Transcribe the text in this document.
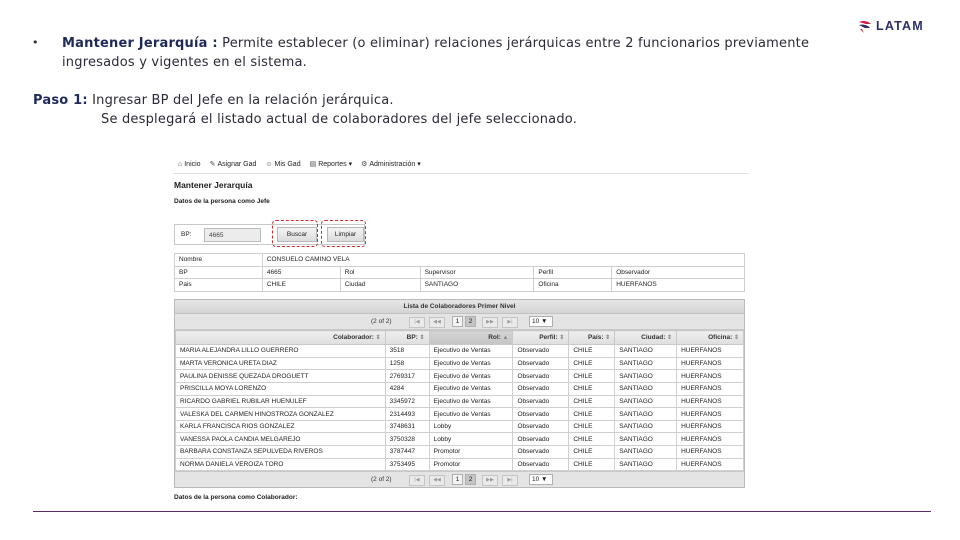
• Mantener Jerarquía : Permite establecer (o eliminar) relaciones jerárquicas entre 2 funcionarios previamente ingresados y vigentes en el sistema.
Paso 1: Ingresar BP del Jefe en la relación jerárquica.
Se desplegará el listado actual de colaboradores del jefe seleccionado.
LATAM
⌂ Inicio ✎ Asignar Gad ☺ Mis Gad ▤ Reportes ▾ ⚙ Administración ▾
Mantener Jerarquía
Datos de la persona como Jefe
BP:
4665	Buscar	Limpiar
Nombre	CONSUELO CAMINO VELA				
BP	4665	Rol	Supervisor	Perfil	Observador
Pais	CHILE	Ciudad	SANTIAGO	Oficina	HUERFANOS
Lista de Colaboradores Primer Nivel
(2 of 2)	|◀	◀◀	1	2	▶▶	▶|	10 ▼
Colaborador: ⇕	BP: ⇕	Rol: ▲	Perfil: ⇕	País: ⇕	Ciudad: ⇕	Oficina: ⇕
MARIA ALEJANDRA LILLO GUERRERO	3518	Ejecutivo de Ventas	Observado	CHILE	SANTIAGO	HUERFANOS
MARTA VERONICA URETA DIAZ	1258	Ejecutivo de Ventas	Observado	CHILE	SANTIAGO	HUERFANOS
PAULINA DENISSE QUEZADA DROGUETT	2769317	Ejecutivo de Ventas	Observado	CHILE	SANTIAGO	HUERFANOS
PRISCILLA MOYA LORENZO	4284	Ejecutivo de Ventas	Observado	CHILE	SANTIAGO	HUERFANOS
RICARDO GABRIEL RUBILAR HUENULEF	3345972	Ejecutivo de Ventas	Observado	CHILE	SANTIAGO	HUERFANOS
VALESKA DEL CARMEN HINOSTROZA GONZALEZ	2314493	Ejecutivo de Ventas	Observado	CHILE	SANTIAGO	HUERFANOS
KARLA FRANCISCA RIOS GONZALEZ	3748631	Lobby	Observado	CHILE	SANTIAGO	HUERFANOS
VANESSA PAOLA CANDIA MELGAREJO	3750328	Lobby	Observado	CHILE	SANTIAGO	HUERFANOS
BARBARA CONSTANZA SEPULVEDA RIVEROS	3787447	Promotor	Observado	CHILE	SANTIAGO	HUERFANOS
NORMA DANIELA VEROIZA TORO	3753495	Promotor	Observado	CHILE	SANTIAGO	HUERFANOS
(2 of 2)	|◀	◀◀	1	2	▶▶	▶|	10 ▼
Datos de la persona como Colaborador:
